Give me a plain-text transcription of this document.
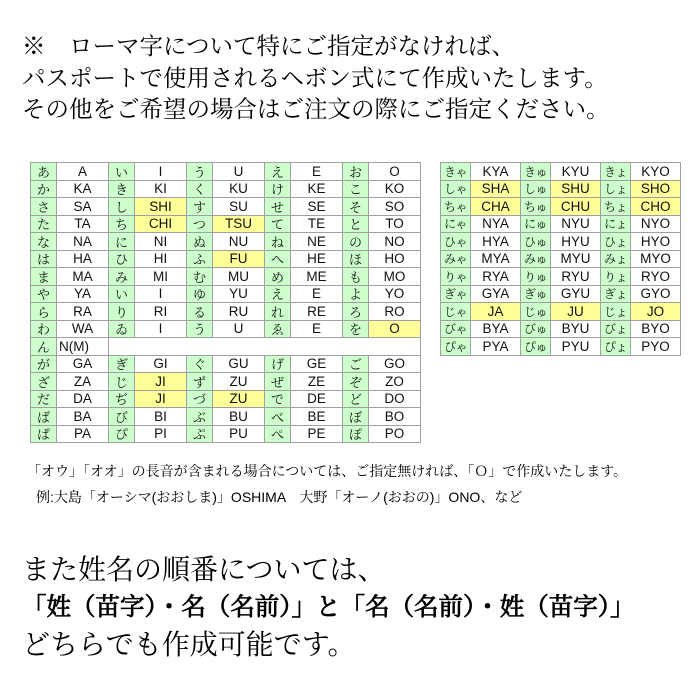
※　ローマ字について特にご指定がなければ、
パスポートで使用されるヘボン式にて作成いたします。
その他をご希望の場合はご注文の際にご指定ください。
あ	A	い	I	う	U	え	E	お	O
か	KA	き	KI	く	KU	け	KE	こ	KO
さ	SA	し	SHI	す	SU	せ	SE	そ	SO
た	TA	ち	CHI	つ	TSU	て	TE	と	TO
な	NA	に	NI	ぬ	NU	ね	NE	の	NO
は	HA	ひ	HI	ふ	FU	へ	HE	ほ	HO
ま	MA	み	MI	む	MU	め	ME	も	MO
や	YA	い	I	ゆ	YU	え	E	よ	YO
ら	RA	り	RI	る	RU	れ	RE	ろ	RO
わ	WA	ゐ	I	う	U	ゑ	E	を	O
ん N(M)
が	GA	ぎ	GI	ぐ	GU	げ	GE	ご	GO
ざ	ZA	じ	JI	ず	ZU	ぜ	ZE	ぞ	ZO
だ	DA	ぢ	JI	づ	ZU	で	DE	ど	DO
ば	BA	び	BI	ぶ	BU	べ	BE	ぼ	BO
ぱ	PA	ぴ	PI	ぷ	PU	ぺ	PE	ぽ	PO
きゃ	KYA	きゅ	KYU	きょ	KYO
しゃ	SHA	しゅ	SHU	しょ	SHO
ちゃ	CHA	ちゅ	CHU	ちょ	CHO
にゃ	NYA	にゅ	NYU	にょ	NYO
ひゃ	HYA	ひゅ	HYU	ひょ	HYO
みゃ	MYA	みゅ	MYU	みょ MYO
りゃ	RYA	りゅ	RYU	りょ	RYO
ぎゃ	GYA	ぎゅ	GYU	ぎょ GYO
じゃ	JA	じゅ	JU	じょ	JO
びゃ	BYA	びゅ	BYU	びょ	BYO
ぴゃ	PYA	ぴゅ	PYU	ぴょ	PYO
「オウ」「オオ」の長音が含まれる場合については、ご指定無ければ、「Ｏ」で作成いたします。
例:大島「オーシマ(おおしま)」OSHIMA　大野「オーノ(おおの)」ONO、など
また姓名の順番については、
「姓（苗字）・名（名前）」と「名（名前）・姓（苗字）」
どちらでも作成可能です。
